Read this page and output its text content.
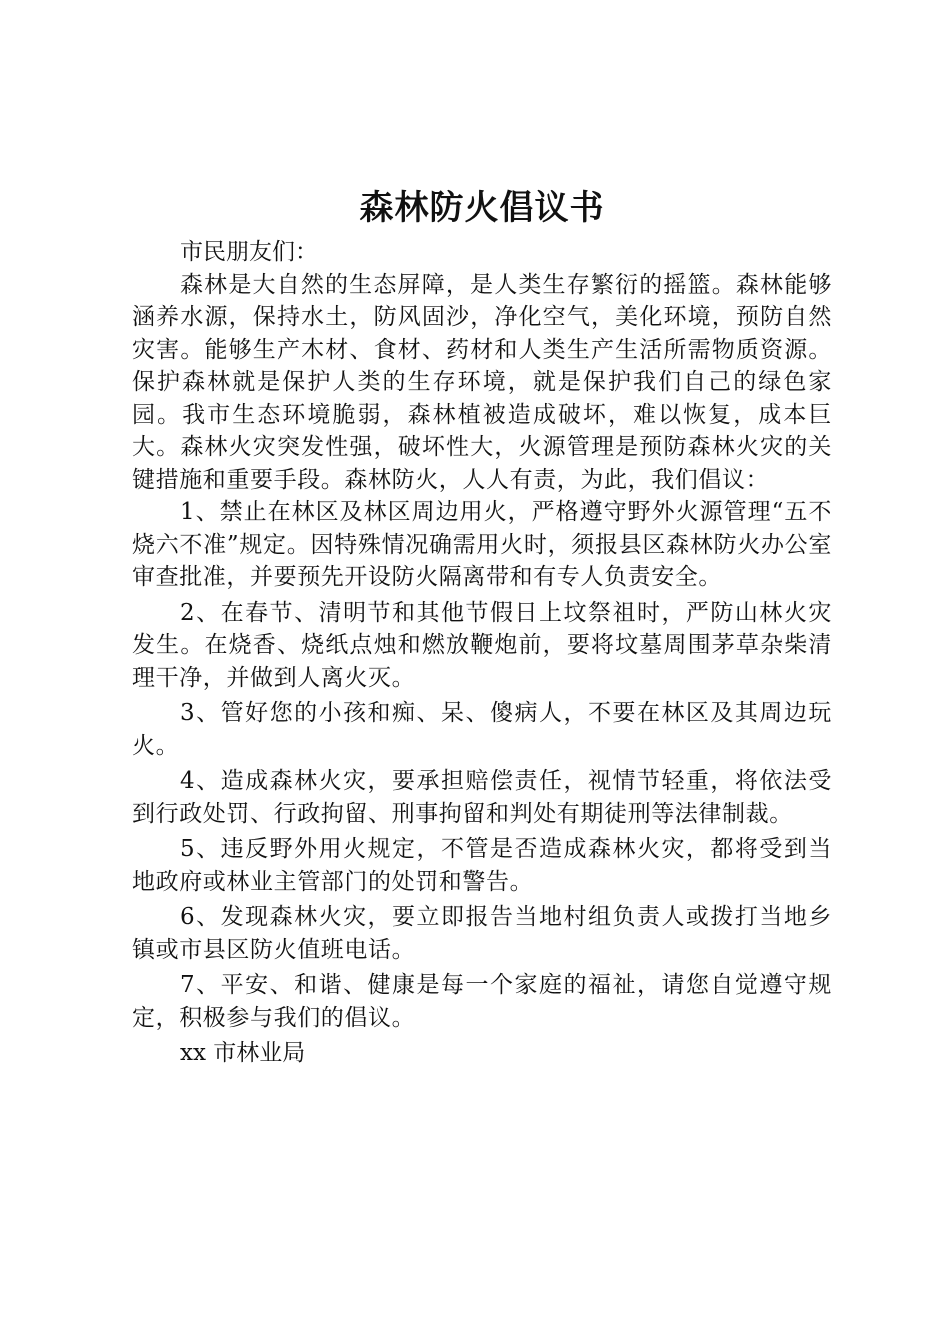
森林防火倡议书

市民朋友们：

森林是大自然的生态屏障，是人类生存繁衍的摇篮。森林能够涵养水源，保持水土，防风固沙，净化空气，美化环境，预防自然灾害。能够生产木材、食材、药材和人类生产生活所需物质资源。保护森林就是保护人类的生存环境，就是保护我们自己的绿色家园。我市生态环境脆弱，森林植被造成破坏，难以恢复，成本巨大。森林火灾突发性强，破坏性大，火源管理是预防森林火灾的关键措施和重要手段。森林防火，人人有责，为此，我们倡议：

1、禁止在林区及林区周边用火，严格遵守野外火源管理“五不烧六不准”规定。因特殊情况确需用火时，须报县区森林防火办公室审查批准，并要预先开设防火隔离带和有专人负责安全。

2、在春节、清明节和其他节假日上坟祭祖时，严防山林火灾发生。在烧香、烧纸点烛和燃放鞭炮前，要将坟墓周围茅草杂柴清理干净，并做到人离火灭。

3、管好您的小孩和痴、呆、傻病人，不要在林区及其周边玩火。

4、造成森林火灾，要承担赔偿责任，视情节轻重，将依法受到行政处罚、行政拘留、刑事拘留和判处有期徒刑等法律制裁。

5、违反野外用火规定，不管是否造成森林火灾，都将受到当地政府或林业主管部门的处罚和警告。

6、发现森林火灾，要立即报告当地村组负责人或拨打当地乡镇或市县区防火值班电话。

7、平安、和谐、健康是每一个家庭的福祉，请您自觉遵守规定，积极参与我们的倡议。

xx 市林业局
